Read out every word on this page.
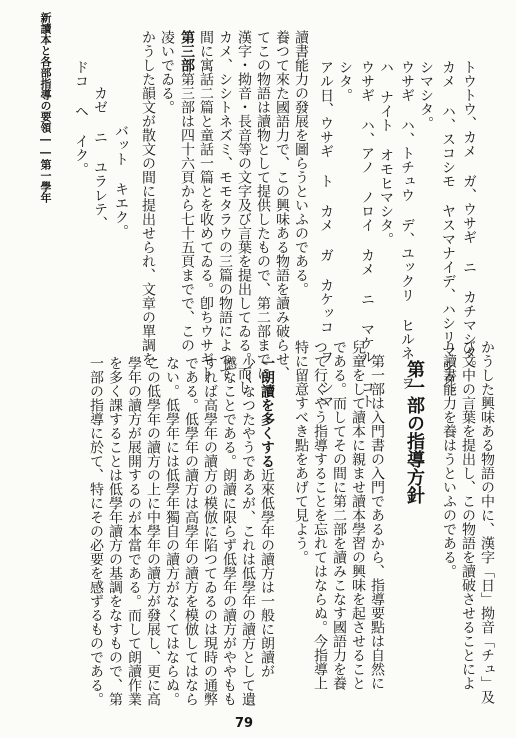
新讀本と各部指導の要領――第一學年 ドコ ヘ イク。 カゼ ニ ユラレテ、 バット キエク。 かうした韻文が散文の間に提出せられ、文章の單調を 凌いでゐる。 第三部第三部は四十六頁から七十五頁までで、この 間に寓話二篇と童話一篇とを收めてゐる。卽ちウサギト カメ、シシトネズミ、モモタラウの三篇の物語によつて 漢字・拗音・長音等の文字及び言葉を提出してゐる。而し てこの物語は讀物として提供したもので、第二部までに 養つて來た國語力で、この興味ある物語を讀み破らせ、 讀書能力の發展を圖らうといふのである。 アル日、ウサギ ト カメ ガ カケッコ ヲ シマ シタ。 ウサギ ハ、アノ ノロイ カメ ニ マケル コト ハ ナイト オモヒマシタ。 ウサギ ハ、トチュウ デ、ユックリ ヒルネ ヲ シマシタ。 カメ ハ、スコシモ ヤスマナイデ、ハシリマシタ。 トウトウ、カメ ガ、ウサギ ニ カチマシタ。
かうした興味ある物語の中に、漢字「日」拗音「チュ」及
び文中の言葉を提出し、この物語を讀破させることによ
り讀書能力を養はうといふのである。
第一部の指導方針
第一部は入門書の入門であるから、指導要點は自然に
兒童をして讀本に親ませ讀本學習の興味を起させること
である。而してその間に第二部を讀みこなす國語力を養
つて行くやう指導することを忘れてはならぬ。今指導上
特に留意すべき點をあげて見よう。
一朗讀を多くする近來低學年の讀方は一般に朗讀が
少くなつたやうであるが、これは低學年の讀方として遺
憾なことである。朗讀に限らず低學年の讀方がややもも
すれば高學年の讀方の模倣に陷つてゐるのは現時の通弊
である。低學年の讀方は高學年の讀方を模倣してはなら
ない。低學年には低學年獨自の讀方がなくてはならぬ。
この低學年の讀方の上に中學年の讀方が發展し、更に高
學年の讀方が展開するのが本當である。而して朗讀作業
を多く課することは低學年讀方の基調をなすもので、第
一部の指導に於て、特にその必要を感ずるものである。
79
